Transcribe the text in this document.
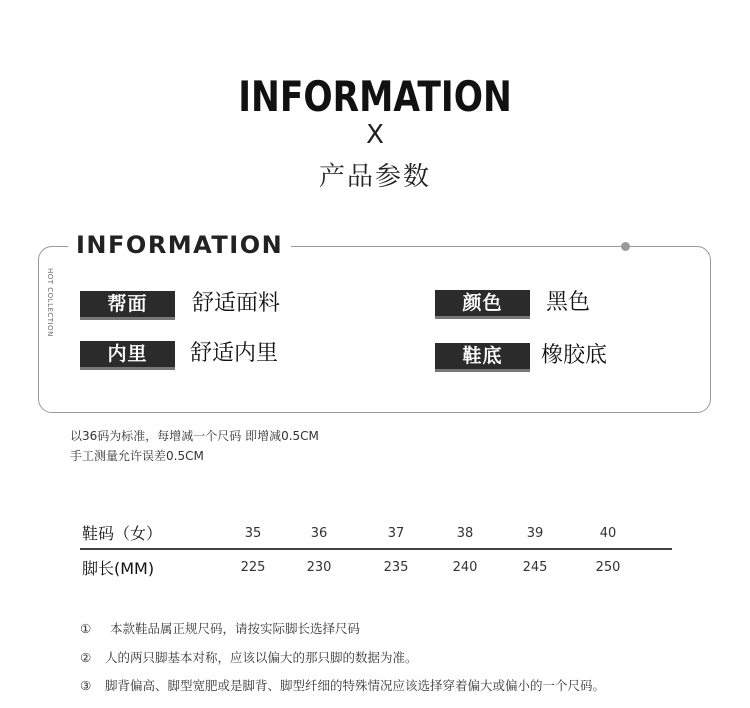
INFORMATION
X
产品参数
INFORMATION
HOT COLLECTION	帮面	舒适面料	颜色	黑色
内里	舒适内里	鞋底	橡胶底
以36码为标准，每增减一个尺码 即增减0.5CM
手工测量允许误差0.5CM
鞋码（女）	35	36	37	38	39	40
脚长(MM)	225	230	235	240	245	250
① 本款鞋品属正规尺码，请按实际脚长选择尺码
② 人的两只脚基本对称，应该以偏大的那只脚的数据为准。
③ 脚背偏高、脚型宽肥或是脚背、脚型纤细的特殊情况应该选择穿着偏大或偏小的一个尺码。
